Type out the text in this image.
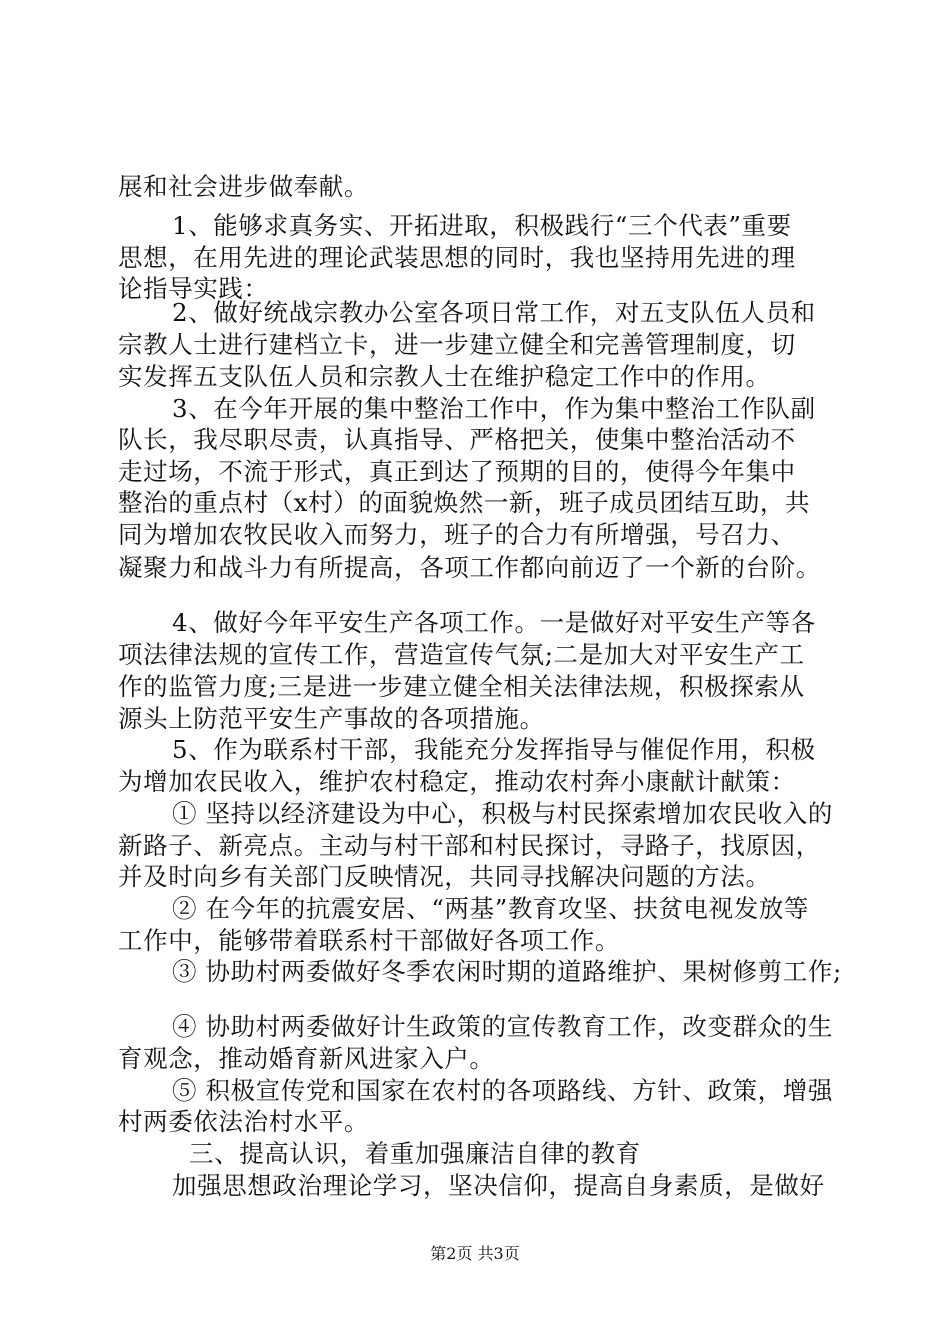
展和社会进步做奉献。
1、能够求真务实、开拓进取，积极践行“三个代表”重要
思想，在用先进的理论武装思想的同时，我也坚持用先进的理
论指导实践：
2、做好统战宗教办公室各项日常工作，对五支队伍人员和
宗教人士进行建档立卡，进一步建立健全和完善管理制度，切
实发挥五支队伍人员和宗教人士在维护稳定工作中的作用。
3、在今年开展的集中整治工作中，作为集中整治工作队副
队长，我尽职尽责，认真指导、严格把关，使集中整治活动不
走过场，不流于形式，真正到达了预期的目的，使得今年集中
整治的重点村（x村）的面貌焕然一新，班子成员团结互助，共
同为增加农牧民收入而努力，班子的合力有所增强，号召力、
凝聚力和战斗力有所提高，各项工作都向前迈了一个新的台阶。
4、做好今年平安生产各项工作。一是做好对平安生产等各
项法律法规的宣传工作，营造宣传气氛;二是加大对平安生产工
作的监管力度;三是进一步建立健全相关法律法规，积极探索从
源头上防范平安生产事故的各项措施。
5、作为联系村干部，我能充分发挥指导与催促作用，积极
为增加农民收入，维护农村稳定，推动农村奔小康献计献策：
① 坚持以经济建设为中心，积极与村民探索增加农民收入的
新路子、新亮点。主动与村干部和村民探讨，寻路子，找原因，
并及时向乡有关部门反映情况，共同寻找解决问题的方法。
② 在今年的抗震安居、“两基”教育攻坚、扶贫电视发放等
工作中，能够带着联系村干部做好各项工作。
③ 协助村两委做好冬季农闲时期的道路维护、果树修剪工作;
④ 协助村两委做好计生政策的宣传教育工作，改变群众的生
育观念，推动婚育新风进家入户。
⑤ 积极宣传党和国家在农村的各项路线、方针、政策，增强
村两委依法治村水平。
三、提高认识，着重加强廉洁自律的教育
加强思想政治理论学习，坚决信仰，提高自身素质，是做好
第2页 共3页
